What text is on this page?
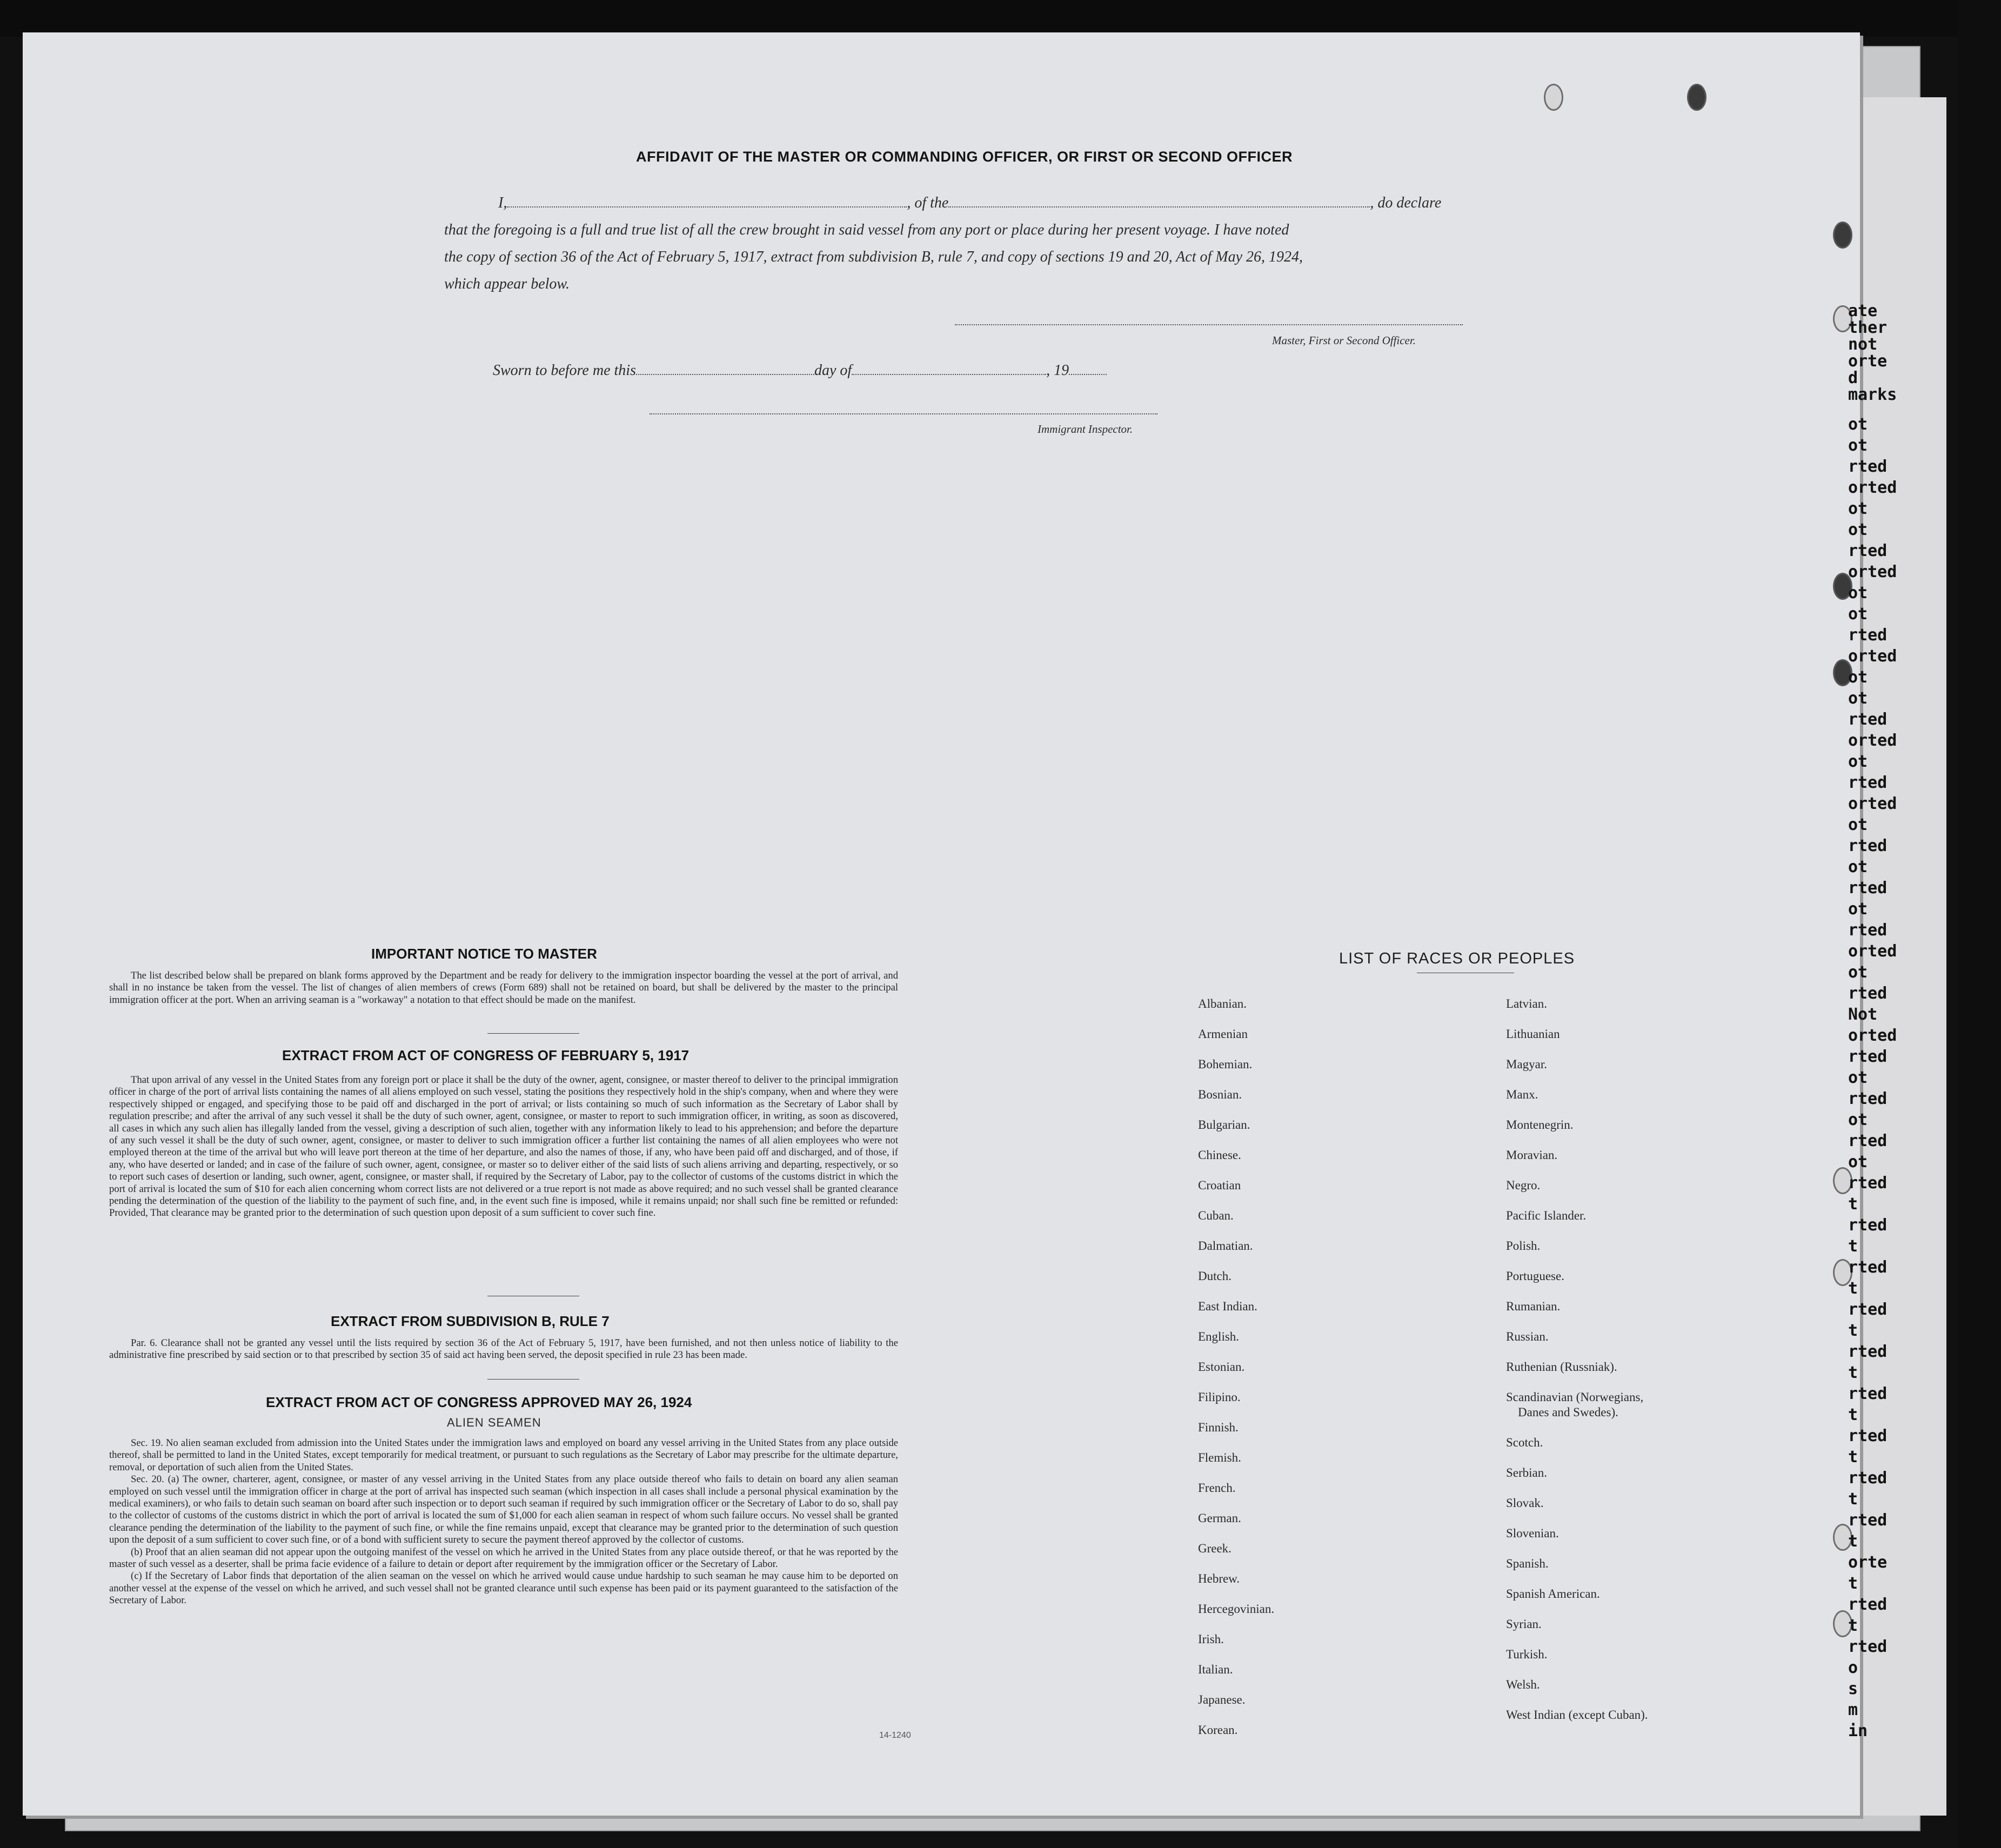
AFFIDAVIT OF THE MASTER OR COMMANDING OFFICER, OR FIRST OR SECOND OFFICER
I,	, of the	, do declare
that the foregoing is a full and true list of all the crew brought in said vessel from any port or place during her present voyage. I have noted
the copy of section 36 of the Act of February 5, 1917, extract from subdivision B, rule 7, and copy of sections 19 and 20, Act of May 26, 1924,
which appear below.
Master, First or Second Officer.
Sworn to before me this	day of	, 19
Immigrant Inspector.
IMPORTANT NOTICE TO MASTER

The list described below shall be prepared on blank forms approved by the Department and be ready for delivery to the immigration inspector boarding the vessel at the port of arrival, and shall in no instance be taken from the vessel. The list of changes of alien members of crews (Form 689) shall not be retained on board, but shall be delivered by the master to the principal immigration officer at the port. When an arriving seaman is a "workaway" a notation to that effect should be made on the manifest.

EXTRACT FROM ACT OF CONGRESS OF FEBRUARY 5, 1917

That upon arrival of any vessel in the United States from any foreign port or place it shall be the duty of the owner, agent, consignee, or master thereof to deliver to the principal immigration officer in charge of the port of arrival lists containing the names of all aliens employed on such vessel, stating the positions they respectively hold in the ship's company, when and where they were respectively shipped or engaged, and specifying those to be paid off and discharged in the port of arrival; or lists containing so much of such information as the Secretary of Labor shall by regulation prescribe; and after the arrival of any such vessel it shall be the duty of such owner, agent, consignee, or master to report to such immigration officer, in writing, as soon as discovered, all cases in which any such alien has illegally landed from the vessel, giving a description of such alien, together with any information likely to lead to his apprehension; and before the departure of any such vessel it shall be the duty of such owner, agent, consignee, or master to deliver to such immigration officer a further list containing the names of all alien employees who were not employed thereon at the time of the arrival but who will leave port thereon at the time of her departure, and also the names of those, if any, who have been paid off and discharged, and of those, if any, who have deserted or landed; and in case of the failure of such owner, agent, consignee, or master so to deliver either of the said lists of such aliens arriving and departing, respectively, or so to report such cases of desertion or landing, such owner, agent, consignee, or master shall, if required by the Secretary of Labor, pay to the collector of customs of the customs district in which the port of arrival is located the sum of $10 for each alien concerning whom correct lists are not delivered or a true report is not made as above required; and no such vessel shall be granted clearance pending the determination of the question of the liability to the payment of such fine, and, in the event such fine is imposed, while it remains unpaid; nor shall such fine be remitted or refunded: Provided, That clearance may be granted prior to the determination of such question upon deposit of a sum sufficient to cover such fine.

EXTRACT FROM SUBDIVISION B, RULE 7

Par. 6. Clearance shall not be granted any vessel until the lists required by section 36 of the Act of February 5, 1917, have been furnished, and not then unless notice of liability to the administrative fine prescribed by said section or to that prescribed by section 35 of said act having been served, the deposit specified in rule 23 has been made.

EXTRACT FROM ACT OF CONGRESS APPROVED MAY 26, 1924
ALIEN SEAMEN

Sec. 19. No alien seaman excluded from admission into the United States under the immigration laws and employed on board any vessel arriving in the United States from any place outside thereof, shall be permitted to land in the United States, except temporarily for medical treatment, or pursuant to such regulations as the Secretary of Labor may prescribe for the ultimate departure, removal, or deportation of such alien from the United States.

Sec. 20. (a) The owner, charterer, agent, consignee, or master of any vessel arriving in the United States from any place outside thereof who fails to detain on board any alien seaman employed on such vessel until the immigration officer in charge at the port of arrival has inspected such seaman (which inspection in all cases shall include a personal physical examination by the medical examiners), or who fails to detain such seaman on board after such inspection or to deport such seaman if required by such immigration officer or the Secretary of Labor to do so, shall pay to the collector of customs of the customs district in which the port of arrival is located the sum of $1,000 for each alien seaman in respect of whom such failure occurs. No vessel shall be granted clearance pending the determination of the liability to the payment of such fine, or while the fine remains unpaid, except that clearance may be granted prior to the determination of such question upon the deposit of a sum sufficient to cover such fine, or of a bond with sufficient surety to secure the payment thereof approved by the collector of customs.

(b) Proof that an alien seaman did not appear upon the outgoing manifest of the vessel on which he arrived in the United States from any place outside thereof, or that he was reported by the master of such vessel as a deserter, shall be prima facie evidence of a failure to detain or deport after requirement by the immigration officer or the Secretary of Labor.

(c) If the Secretary of Labor finds that deportation of the alien seaman on the vessel on which he arrived would cause undue hardship to such seaman he may cause him to be deported on another vessel at the expense of the vessel on which he arrived, and such vessel shall not be granted clearance until such expense has been paid or its payment guaranteed to the satisfaction of the Secretary of Labor.

14-1240
LIST OF RACES OR PEOPLES
Albanian.
Armenian
Bohemian.
Bosnian.
Bulgarian.
Chinese.
Croatian
Cuban.
Dalmatian.
Dutch.
East Indian.
English.
Estonian.
Filipino.
Finnish.
Flemish.
French.
German.
Greek.
Hebrew.
Hercegovinian.
Irish.
Italian.
Japanese.
Korean.
Latvian.
Lithuanian
Magyar.
Manx.
Montenegrin.
Moravian.
Negro.
Pacific Islander.
Polish.
Portuguese.
Rumanian.
Russian.
Ruthenian (Russniak).
Scandinavian (Norwegians,
Danes and Swedes).
Scotch.
Serbian.
Slovak.
Slovenian.
Spanish.
Spanish American.
Syrian.
Turkish.
Welsh.
West Indian (except Cuban).
ate
ther
not
orte
d
marks
ot
ot
rted
orted
ot
ot
rted
orted
ot
ot
rted
orted
ot
ot
rted
orted
ot
rted
orted
ot
rted
ot
rted
ot
rted
orted
ot
rted
Not
orted
rted
ot
rted
ot
rted
ot
rted
t
rted
t
rted
t
rted
t
rted
t
rted
t
rted
t
rted
t
rted
t
orte
t
rted
t
rted
o
s
m
in
